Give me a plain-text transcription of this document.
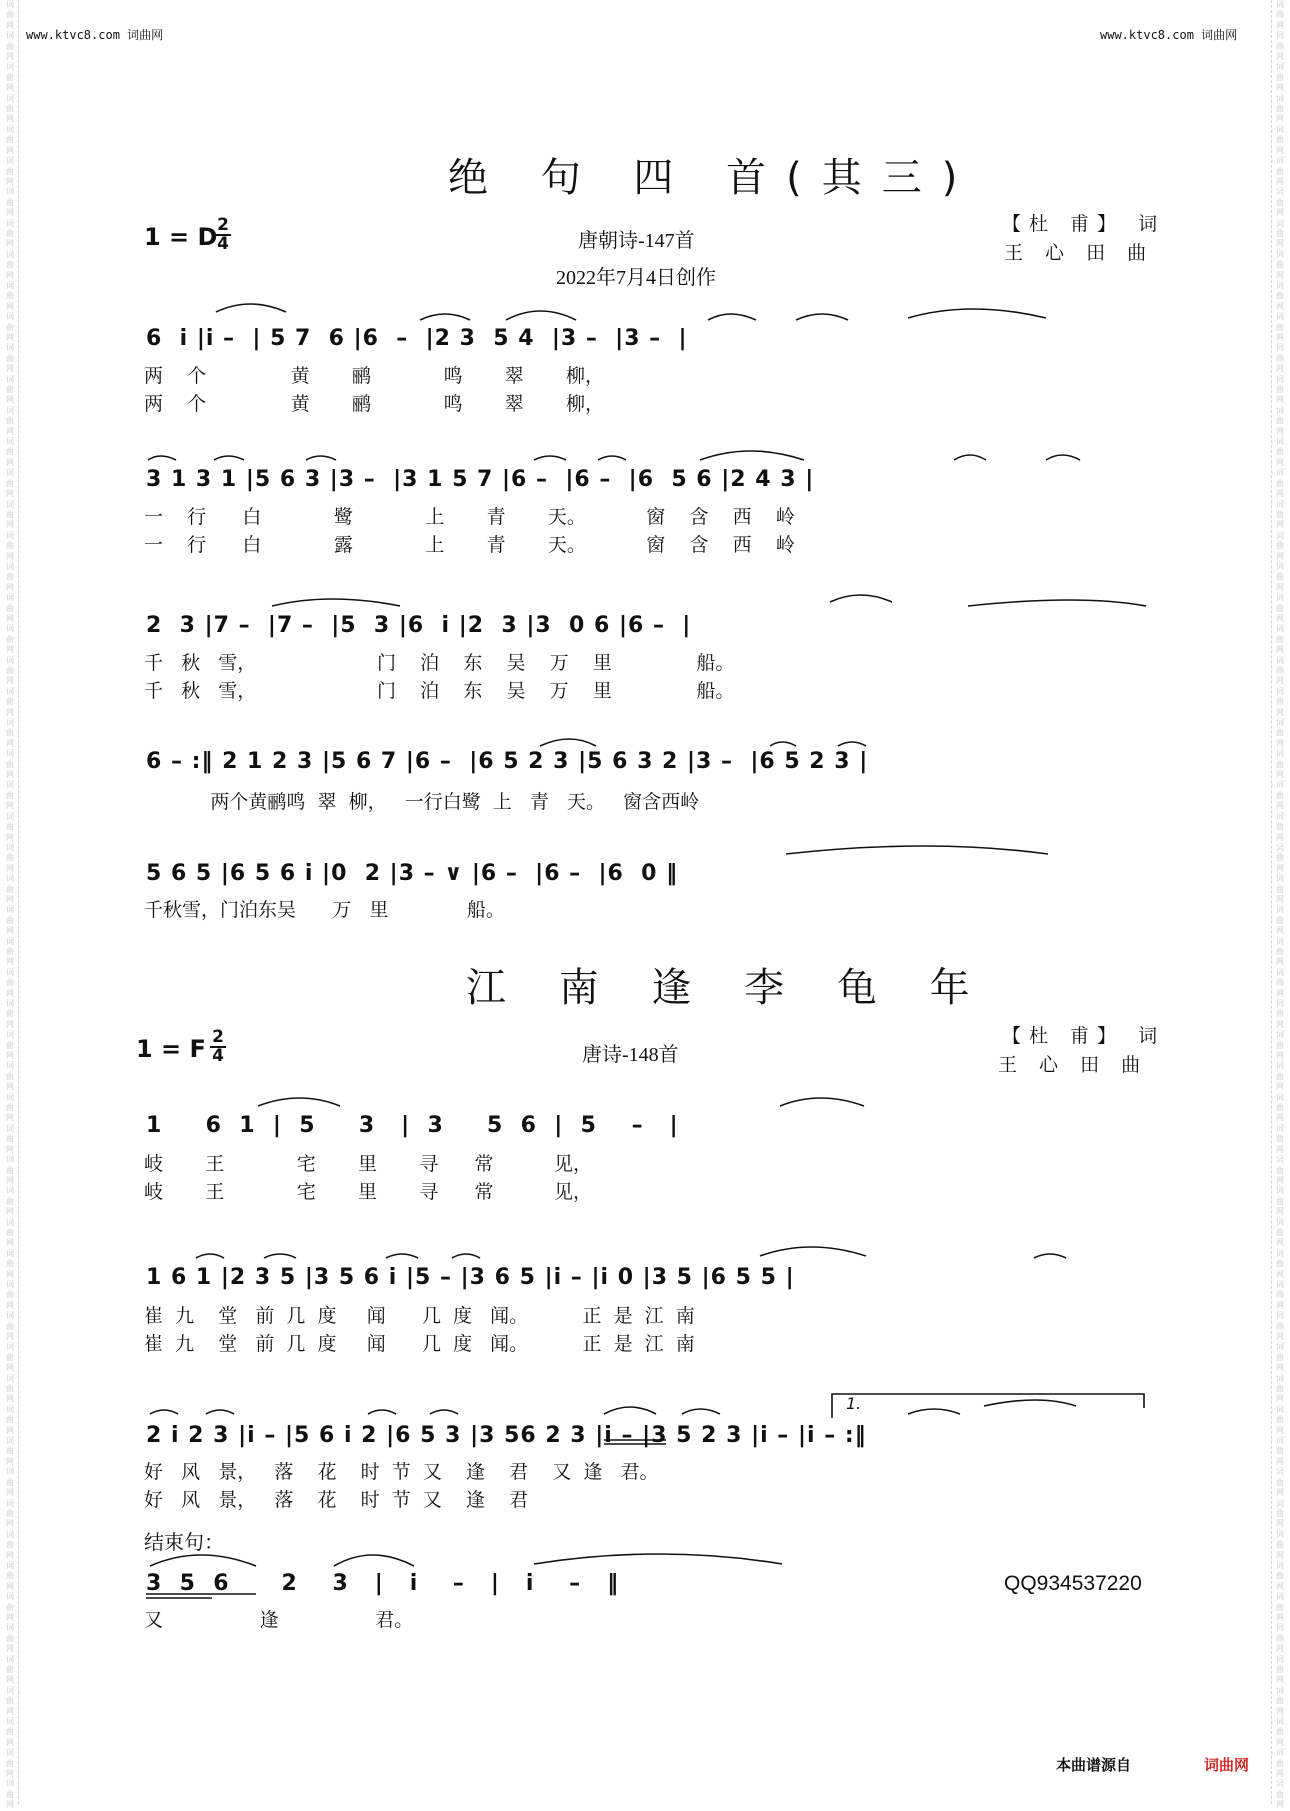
词
曲
网
词
曲
网
词
曲
网
词
曲
网
词
曲
网
词
曲
网
词
曲
网
词
曲
网
词
曲
网
词
曲
网
词
曲
网
词
曲
网
词
曲
网
词
曲
网
词
曲
网
词
曲
网
词
曲
网
词
曲
网
词
曲
网
词
曲
网
词
曲
网
词
曲
网
词
曲
网
词
曲
网
词
曲
网
词
曲
网
词
曲
网
词
曲
网
词
曲
网
词
曲
网
词
曲
网
词
曲
网
词
曲
网
词
曲
网
词
曲
网
词
曲
网
词
曲
网
词
曲
网
词
曲
网
词
曲
网
词
曲
网
词
曲
网
词
曲
网
词
曲
网
词
曲
网
词
曲
网
词
曲
网
词
曲
网
词
曲
网
词
曲
网
词
曲
网
词
曲
网
词
曲
网
词
曲
网
词
曲
网
词
曲
网
词
曲
网
词
曲
网
词
曲
网
词
曲
网
词
曲
网
词
曲
网
词
曲
网
词
曲
网
词
曲
网
词
曲
网
词
曲
网
词
曲
网
词
曲
网
词
曲
网
词
曲
网
词
曲
网
词
曲
网
词
曲
网
词
曲
网
词
曲
网
词
曲
网
词
曲
网
词
曲
网
词
曲
网
词
曲
网
词
曲
网
词
曲
网
词
曲
网
词
曲
网
词
曲
网
词
曲
网
词
曲
网
词
曲
网
词
曲
网
词
曲
网
词
曲
网
词
曲
网
词
曲
网
词
曲
网
词
曲
网
词
曲
网
词
曲
网
词
曲
网
词
曲
网
词
曲
网
词
曲
网
词
曲
网
词
曲
网
词
曲
网
词
曲
网
词
曲
网
词
曲
网
词
曲
网
词
曲
网
词
曲
网
词
曲
网
词
曲
网
词
曲
网
词
曲
网
词
曲
网
www.ktvc8.com 词曲网	www.ktvc8.com 词曲网
绝 句 四 首(其三)
1 = D 2
4	唐朝诗-147首
2022年7月4日创作
【杜 甫】 词
王 心 田 曲
6  i |i –  | 5 7  6 |6  –  |2 3  5 4  |3 –  |3 –  |
两    个              黄       鹂            鸣       翠       柳，
两    个              黄       鹂            鸣       翠       柳，
3 1 3 1 |5 6 3 |3 –  |3 1 5 7 |6 –  |6 –  |6  5 6 |2 4 3 |
一    行      白            鹭            上       青       天。          窗    含    西    岭
一    行      白            露            上       青       天。          窗    含    西    岭
2  3 |7 –  |7 –  |5  3 |6  i |2  3 |3  0 6 |6 –  |
千   秋   雪，                    门    泊    东    吴    万    里              船。
千   秋   雪，                    门    泊    东    吴    万    里              船。
6 – :‖ 2 1 2 3 |5 6 7 |6 –  |6 5 2 3 |5 6 3 2 |3 –  |6 5 2 3 |
两个黄鹂鸣  翠  柳，   一行白鹭  上   青   天。   窗含西岭
5 6 5 |6 5 6 i |0  2 |3 – ∨ |6 –  |6 –  |6  0 ‖
千秋雪，门泊东吴      万   里             船。
江 南 逢 李 龟 年
1 = F 2
4	唐诗-148首
【杜 甫】 词
王 心 田 曲
1     6  1  |  5     3   |  3     5  6  |  5    –   |
岐       王            宅       里       寻      常          见，
岐       王            宅       里       寻      常          见，
1 6 1 |2 3 5 |3 5 6 i |5 – |3 6 5 |i – |i 0 |3 5 |6 5 5 |
崔  九    堂   前  几  度     闻      几  度   闻。         正  是  江  南
崔  九    堂   前  几  度     闻      几  度   闻。         正  是  江  南
1.
2 i 2 3 |i – |5 6 i 2 |6 5 3 |3 56 2 3 |i – |3 5 2 3 |i – |i – :‖
好   风   景，   落    花    时  节  又    逢    君    又  逢   君。
好   风   景，   落    花    时  节  又    逢    君
结束句：
3  5  6      2    3   |   i    –   |   i    –   ‖
又                逢                君。
QQ934537220
本曲谱源自	词曲网
